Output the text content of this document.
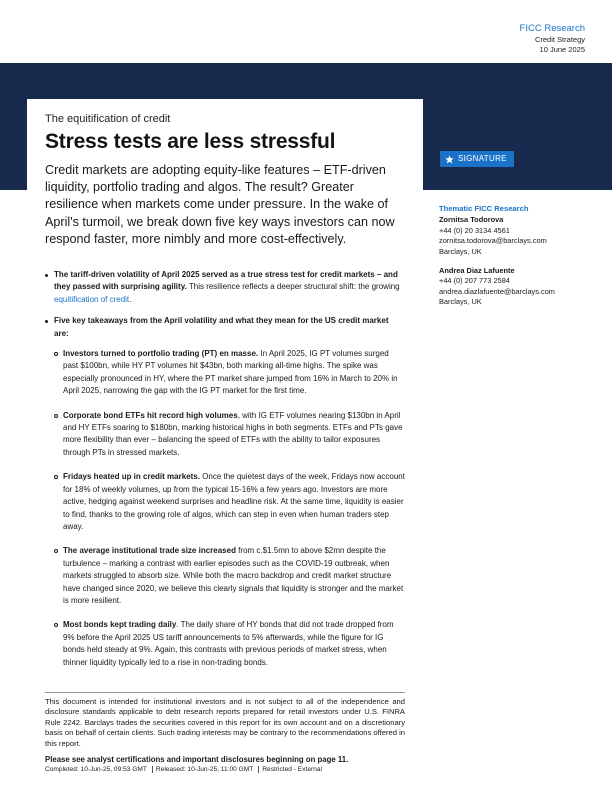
FICC Research
Credit Strategy
10 June 2025
The equitification of credit
Stress tests are less stressful

Credit markets are adopting equity-like features – ETF-driven liquidity, portfolio trading and algos. The result? Greater resilience when markets come under pressure. In the wake of April's turmoil, we break down five key ways investors can now respond faster, more nimbly and more cost-effectively.

SIGNATURE
Thematic FICC Research
Zornitsa Todorova
+44 (0) 20 3134 4561
zornitsa.todorova@barclays.com
Barclays, UK
Andrea Diaz Lafuente
+44 (0) 207 773 2584
andrea.diazlafuente@barclays.com
Barclays, UK
The tariff-driven volatility of April 2025 served as a true stress test for credit markets – and they passed with surprising agility. This resilience reflects a deeper structural shift: the growing equitification of credit.
Five key takeaways from the April volatility and what they mean for the US credit market are:
Investors turned to portfolio trading (PT) en masse. In April 2025, IG PT volumes surged past $100bn, while HY PT volumes hit $43bn, both marking all-time highs. The spike was especially pronounced in HY, where the PT market share jumped from 16% in March to 20% in April 2025, narrowing the gap with the IG PT market for the first time.
Corporate bond ETFs hit record high volumes, with IG ETF volumes nearing $130bn in April and HY ETFs soaring to $180bn, marking historical highs in both segments. ETFs and PTs gave more flexibility than ever – balancing the speed of ETFs with the ability to tailor exposures through PTs in stressed markets.
Fridays heated up in credit markets. Once the quietest days of the week, Fridays now account for 18% of weekly volumes, up from the typical 15-16% a few years ago. Investors are more active, hedging against weekend surprises and headline risk. At the same time, liquidity is easier to find, thanks to the growing role of algos, which can step in even when human traders step away.
The average institutional trade size increased from c.$1.5mn to above $2mn despite the turbulence – marking a contrast with earlier episodes such as the COVID-19 outbreak, when markets struggled to absorb size. While both the macro backdrop and credit market structure have changed since 2020, we believe this clearly signals that liquidity is stronger and the market is more resilient.
Most bonds kept trading daily. The daily share of HY bonds that did not trade dropped from 9% before the April 2025 US tariff announcements to 5% afterwards, while the figure for IG bonds held steady at 9%. Again, this contrasts with previous periods of market stress, when thinner liquidity typically led to a rise in non-trading bonds.

This document is intended for institutional investors and is not subject to all of the independence and disclosure standards applicable to debt research reports prepared for retail investors under U.S. FINRA Rule 2242. Barclays trades the securities covered in this report for its own account and on a discretionary basis on behalf of certain clients. Such trading interests may be contrary to the recommendations offered in this report.

Please see analyst certifications and important disclosures beginning on page 11.
Completed: 10-Jun-25, 09:53 GMT	Released: 10-Jun-25, 11:00 GMT	Restricted - External
